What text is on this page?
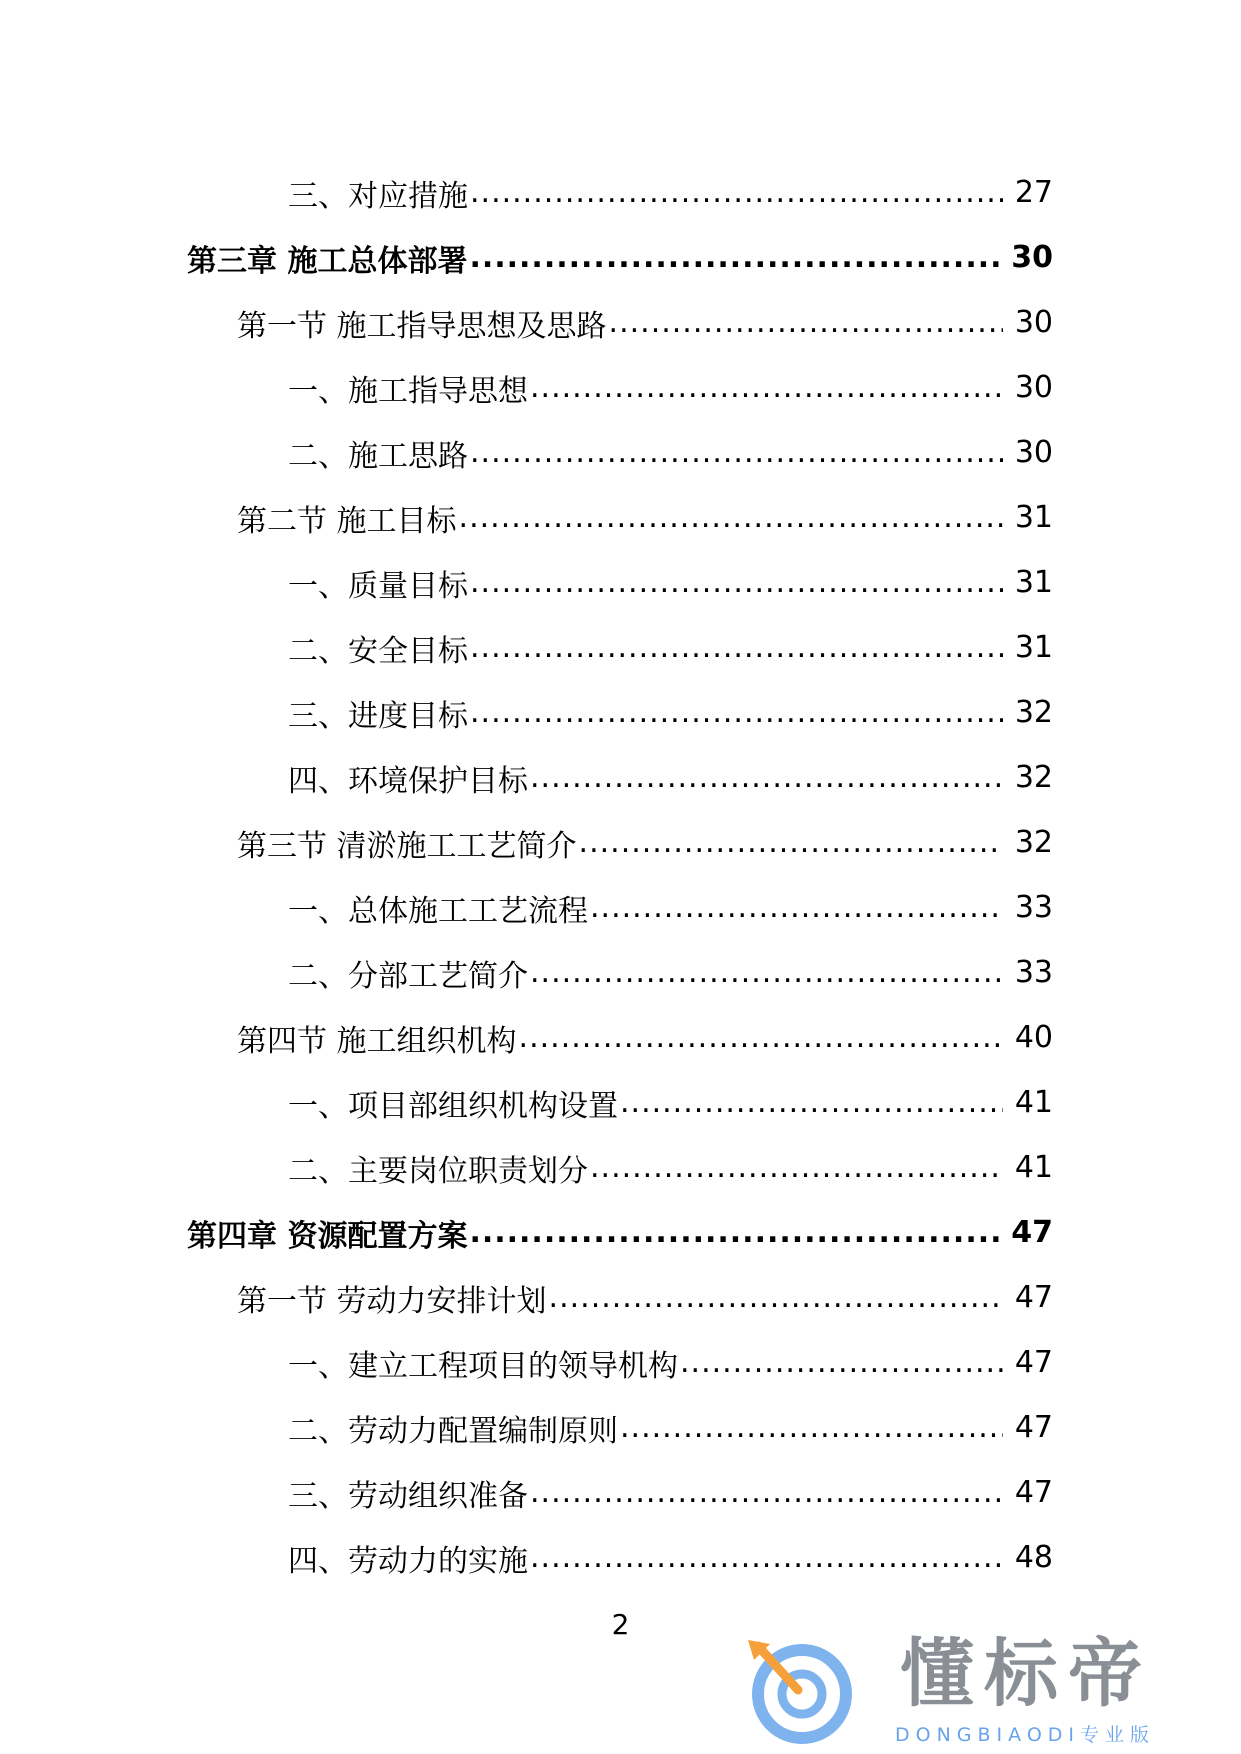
三、对应措施 .....	27
第三章 施工总体部署 .....	30
第一节 施工指导思想及思路 .....	30
一、施工指导思想 .....	30
二、施工思路 .....	30
第二节 施工目标 .....	31
一、质量目标 .....	31
二、安全目标 .....	31
三、进度目标 .....	32
四、环境保护目标 .....	32
第三节 清淤施工工艺简介 .....	32
一、总体施工工艺流程 .....	33
二、分部工艺简介 .....	33
第四节 施工组织机构 .....	40
一、项目部组织机构设置 .....	41
二、主要岗位职责划分 .....	41
第四章 资源配置方案 .....	47
第一节 劳动力安排计划 .....	47
一、建立工程项目的领导机构 .....	47
二、劳动力配置编制原则 .....	47
三、劳动组织准备 .....	47
四、劳动力的实施 .....	48
2
懂标帝
DONGBIAODI专业版
